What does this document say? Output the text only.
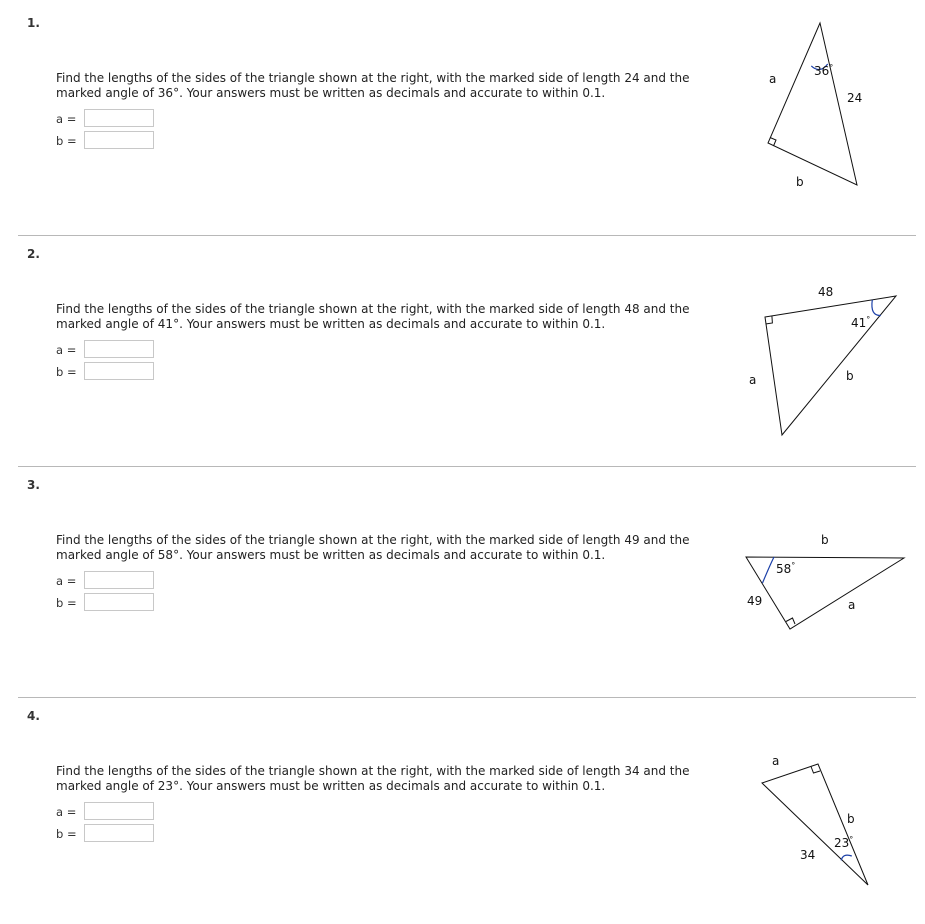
1.
Find the lengths of the sides of the triangle shown at the right, with the marked side of length 24 and the marked angle of 36°. Your answers must be written as decimals and accurate to within 0.1.
a =
b =
36°
24
a
b
2.
Find the lengths of the sides of the triangle shown at the right, with the marked side of length 48 and the marked angle of 41°. Your answers must be written as decimals and accurate to within 0.1.
a =
b =
41°
48
a	b
3.
Find the lengths of the sides of the triangle shown at the right, with the marked side of length 49 and the marked angle of 58°. Your answers must be written as decimals and accurate to within 0.1.
a =
b =
58°
49	a
b
4.
Find the lengths of the sides of the triangle shown at the right, with the marked side of length 34 and the marked angle of 23°. Your answers must be written as decimals and accurate to within 0.1.
a =
b =
23°
34
a
b
